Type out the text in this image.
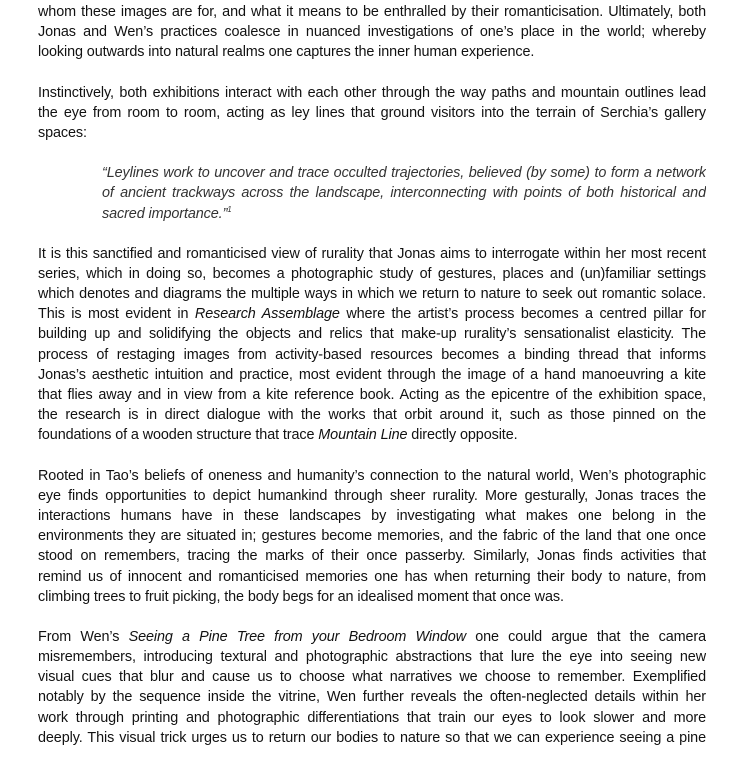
whom these images are for, and what it means to be enthralled by their romanticisation. Ultimately, both
Jonas and Wen’s practices coalesce in nuanced investigations of one’s place in the world; whereby
looking outwards into natural realms one captures the inner human experience.
Instinctively, both exhibitions interact with each other through the way paths and mountain outlines lead
the eye from room to room, acting as ley lines that ground visitors into the terrain of Serchia’s gallery
spaces:
“Leylines work to uncover and trace occulted trajectories, believed (by some) to form a network
of ancient trackways across the landscape, interconnecting with points of both historical and
sacred importance.”$^1$
It is this sanctified and romanticised view of rurality that Jonas aims to interrogate within her most recent
series, which in doing so, becomes a photographic study of gestures, places and (un)familiar settings
which denotes and diagrams the multiple ways in which we return to nature to seek out romantic solace.
This is most evident in Research Assemblage where the artist’s process becomes a centred pillar for
building up and solidifying the objects and relics that make-up rurality’s sensationalist elasticity. The
process of restaging images from activity-based resources becomes a binding thread that informs
Jonas’s aesthetic intuition and practice, most evident through the image of a hand manoeuvring a kite
that flies away and in view from a kite reference book. Acting as the epicentre of the exhibition space,
the research is in direct dialogue with the works that orbit around it, such as those pinned on the
foundations of a wooden structure that trace Mountain Line directly opposite.
Rooted in Tao’s beliefs of oneness and humanity’s connection to the natural world, Wen’s photographic
eye finds opportunities to depict humankind through sheer rurality. More gesturally, Jonas traces the
interactions humans have in these landscapes by investigating what makes one belong in the
environments they are situated in; gestures become memories, and the fabric of the land that one once
stood on remembers, tracing the marks of their once passerby. Similarly, Jonas finds activities that
remind us of innocent and romanticised memories one has when returning their body to nature, from
climbing trees to fruit picking, the body begs for an idealised moment that once was.
From Wen’s Seeing a Pine Tree from your Bedroom Window one could argue that the camera
misremembers, introducing textural and photographic abstractions that lure the eye into seeing new
visual cues that blur and cause us to choose what narratives we choose to remember. Exemplified
notably by the sequence inside the vitrine, Wen further reveals the often-neglected details within her
work through printing and photographic differentiations that train our eyes to look slower and more
deeply. This visual trick urges us to return our bodies to nature so that we can experience seeing a pine
